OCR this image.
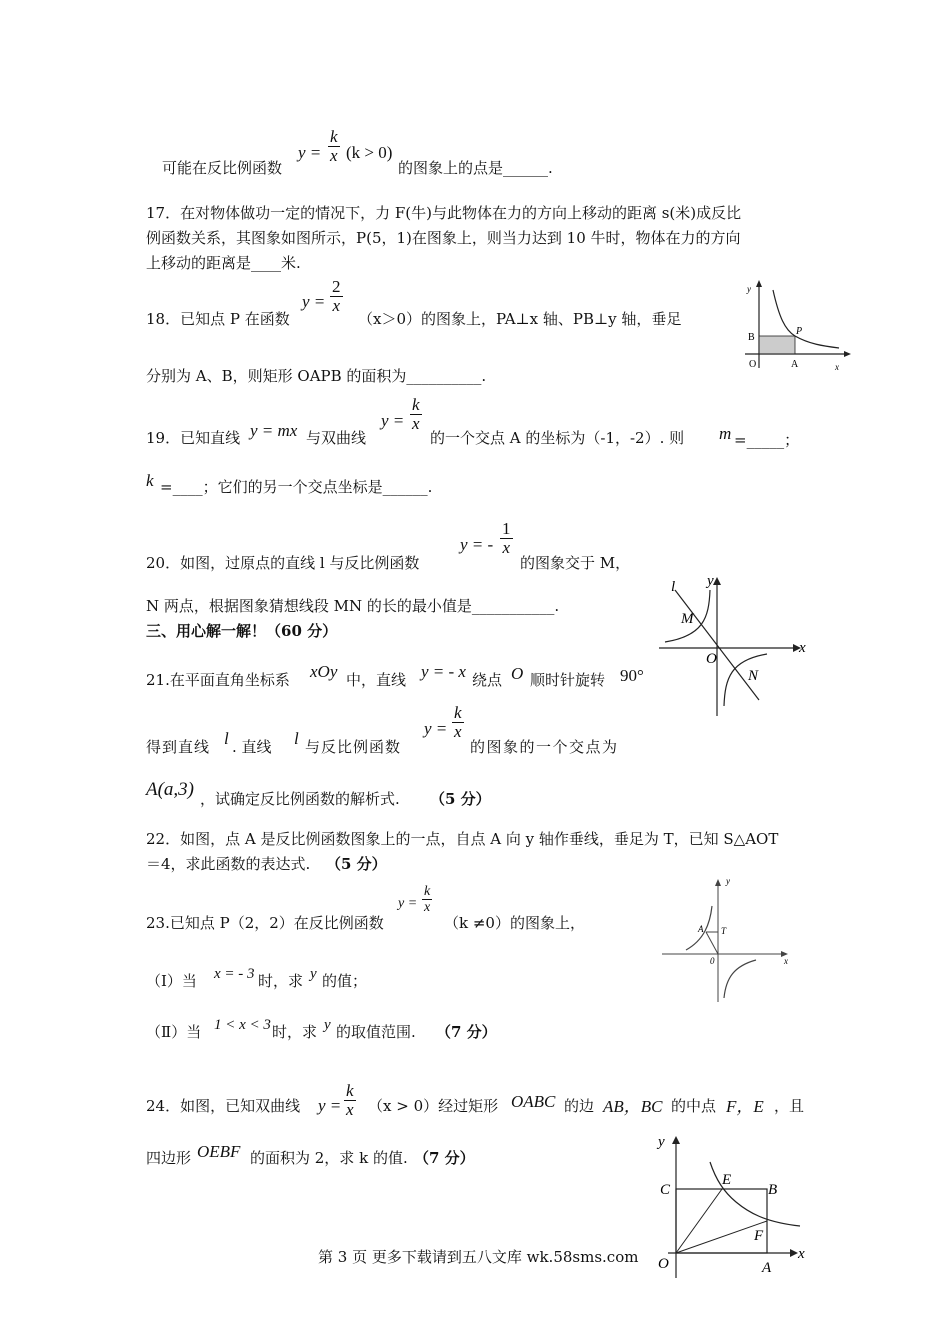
可能在反比例函数
$y = \frac{k}{x} (k > 0)$
的图象上的点是______.
17．在对物体做功一定的情况下，力 F(牛)与此物体在力的方向上移动的距离 s(米)成反比
例函数关系，其图象如图所示，P(5，1)在图象上，则当力达到 10 牛时，物体在力的方向
上移动的距离是____米.
18．已知点 P 在函数
$y = \frac{2}{x}$
（x＞0）的图象上，PA⊥x 轴、PB⊥y 轴，垂足
分别为 A、B，则矩形 OAPB 的面积为__________.
y
x
O	A
B
P
19．已知直线 y = mx 与双曲线
$y = \frac{k}{x}$
的一个交点 A 的坐标为（-1，-2）. 则 m =_____；
k =____；它们的另一个交点坐标是______.
20．如图，过原点的直线 l 与反比例函数
y = - $\frac{1}{x}$
的图象交于 M，
N 两点，根据图象猜想线段 MN 的长的最小值是___________.
l y
x
M
O
N
三、用心解一解！（60 分）
21.在平面直角坐标系 xOy 中，直线 y = - x 绕点 O 顺时针旋转 90°
得到直线 l . 直线 l 与反比例函数
$y = \frac{k}{x}$
的图象的一个交点为
A(a,3) ，试确定反比例函数的解析式. （5 分）
22．如图，点 A 是反比例函数图象上的一点，自点 A 向 y 轴作垂线，垂足为 T，已知 S△AOT
＝4，求此函数的表达式. （5 分）
y
x
A T
0
23.已知点 P（2，2）在反比例函数
$y = \frac{k}{x}$
（k ≠0）的图象上，
（Ⅰ）当 x = - 3 时，求 y 的值；
（Ⅱ）当 1 < x < 3 时，求 y 的取值范围. （7 分）
24．如图，已知双曲线 $y = \frac{k}{x} (x > 0)$经过矩形 OABC 的边 AB，BC 的中点 F，E ，且
四边形 OEBF 的面积为 2，求 k 的值. （7 分）
y
x
C
E
B
F
O	A
第 3 页 更多下载请到五八文库 wk.58sms.com
